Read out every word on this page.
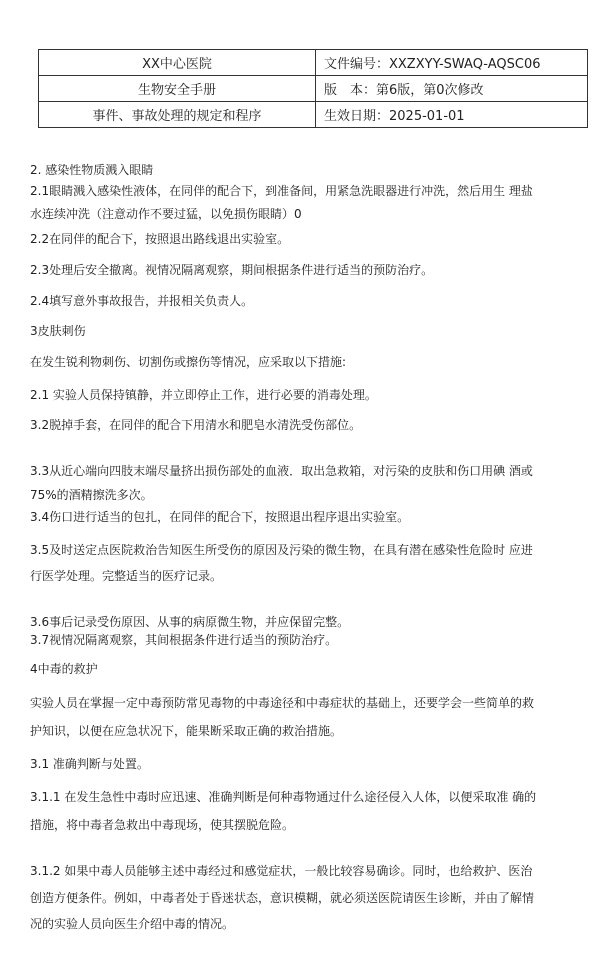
XX中心医院	文件编号：XXZXYY-SWAQ-AQSC06
生物安全手册	版　本：第6版，第0次修改
事件、事故处理的规定和程序	生效日期：2025-01-01

2. 感染性物质溅入眼睛

2.1眼睛溅入感染性液体，在同伴的配合下，到准备间，用紧急洗眼器进行冲洗，然后用生 理盐

水连续冲洗（注意动作不要过猛，以免损伤眼睛）0

2.2在同伴的配合下，按照退出路线退出实验室。

2.3处理后安全撤离。视情况隔离观察，期间根据条件进行适当的预防治疗。

2.4填写意外事故报告，并报相关负责人。

3皮肤刺伤

在发生锐利物刺伤、切割伤或擦伤等情况，应采取以下措施:

2.1 实验人员保持镇静，并立即停止工作，进行必要的消毒处理。

3.2脱掉手套，在同伴的配合下用清水和肥皂水清洗受伤部位。

3.3从近心端向四肢末端尽量挤出损伤部处的血液．取出急救箱，对污染的皮肤和伤口用碘 酒或

75%的酒精擦洗多次。

3.4伤口进行适当的包扎，在同伴的配合下，按照退出程序退出实验室。

3.5及时送定点医院救治告知医生所受伤的原因及污染的微生物，在具有潜在感染性危险时 应进

行医学处理。完整适当的医疗记录。

3.6事后记录受伤原因、从事的病原微生物，并应保留完整。

3.7视情况隔离观察，其间根据条件进行适当的预防治疗。

4中毒的救护

实验人员在掌握一定中毒预防常见毒物的中毒途径和中毒症状的基础上，还要学会一些简单的救

护知识，以便在应急状况下，能果断采取正确的救治措施。

3.1 准确判断与处置。

3.1.1 在发生急性中毒时应迅速、准确判断是何种毒物通过什么途径侵入人体，以便采取准 确的

措施，将中毒者急救出中毒现场，使其摆脱危险。

3.1.2 如果中毒人员能够主述中毒经过和感觉症状，一般比较容易确诊。同时，也给救护、医治

创造方便条件。例如，中毒者处于昏迷状态，意识模糊，就必须送医院请医生诊断，并由了解情

况的实验人员向医生介绍中毒的情况。
